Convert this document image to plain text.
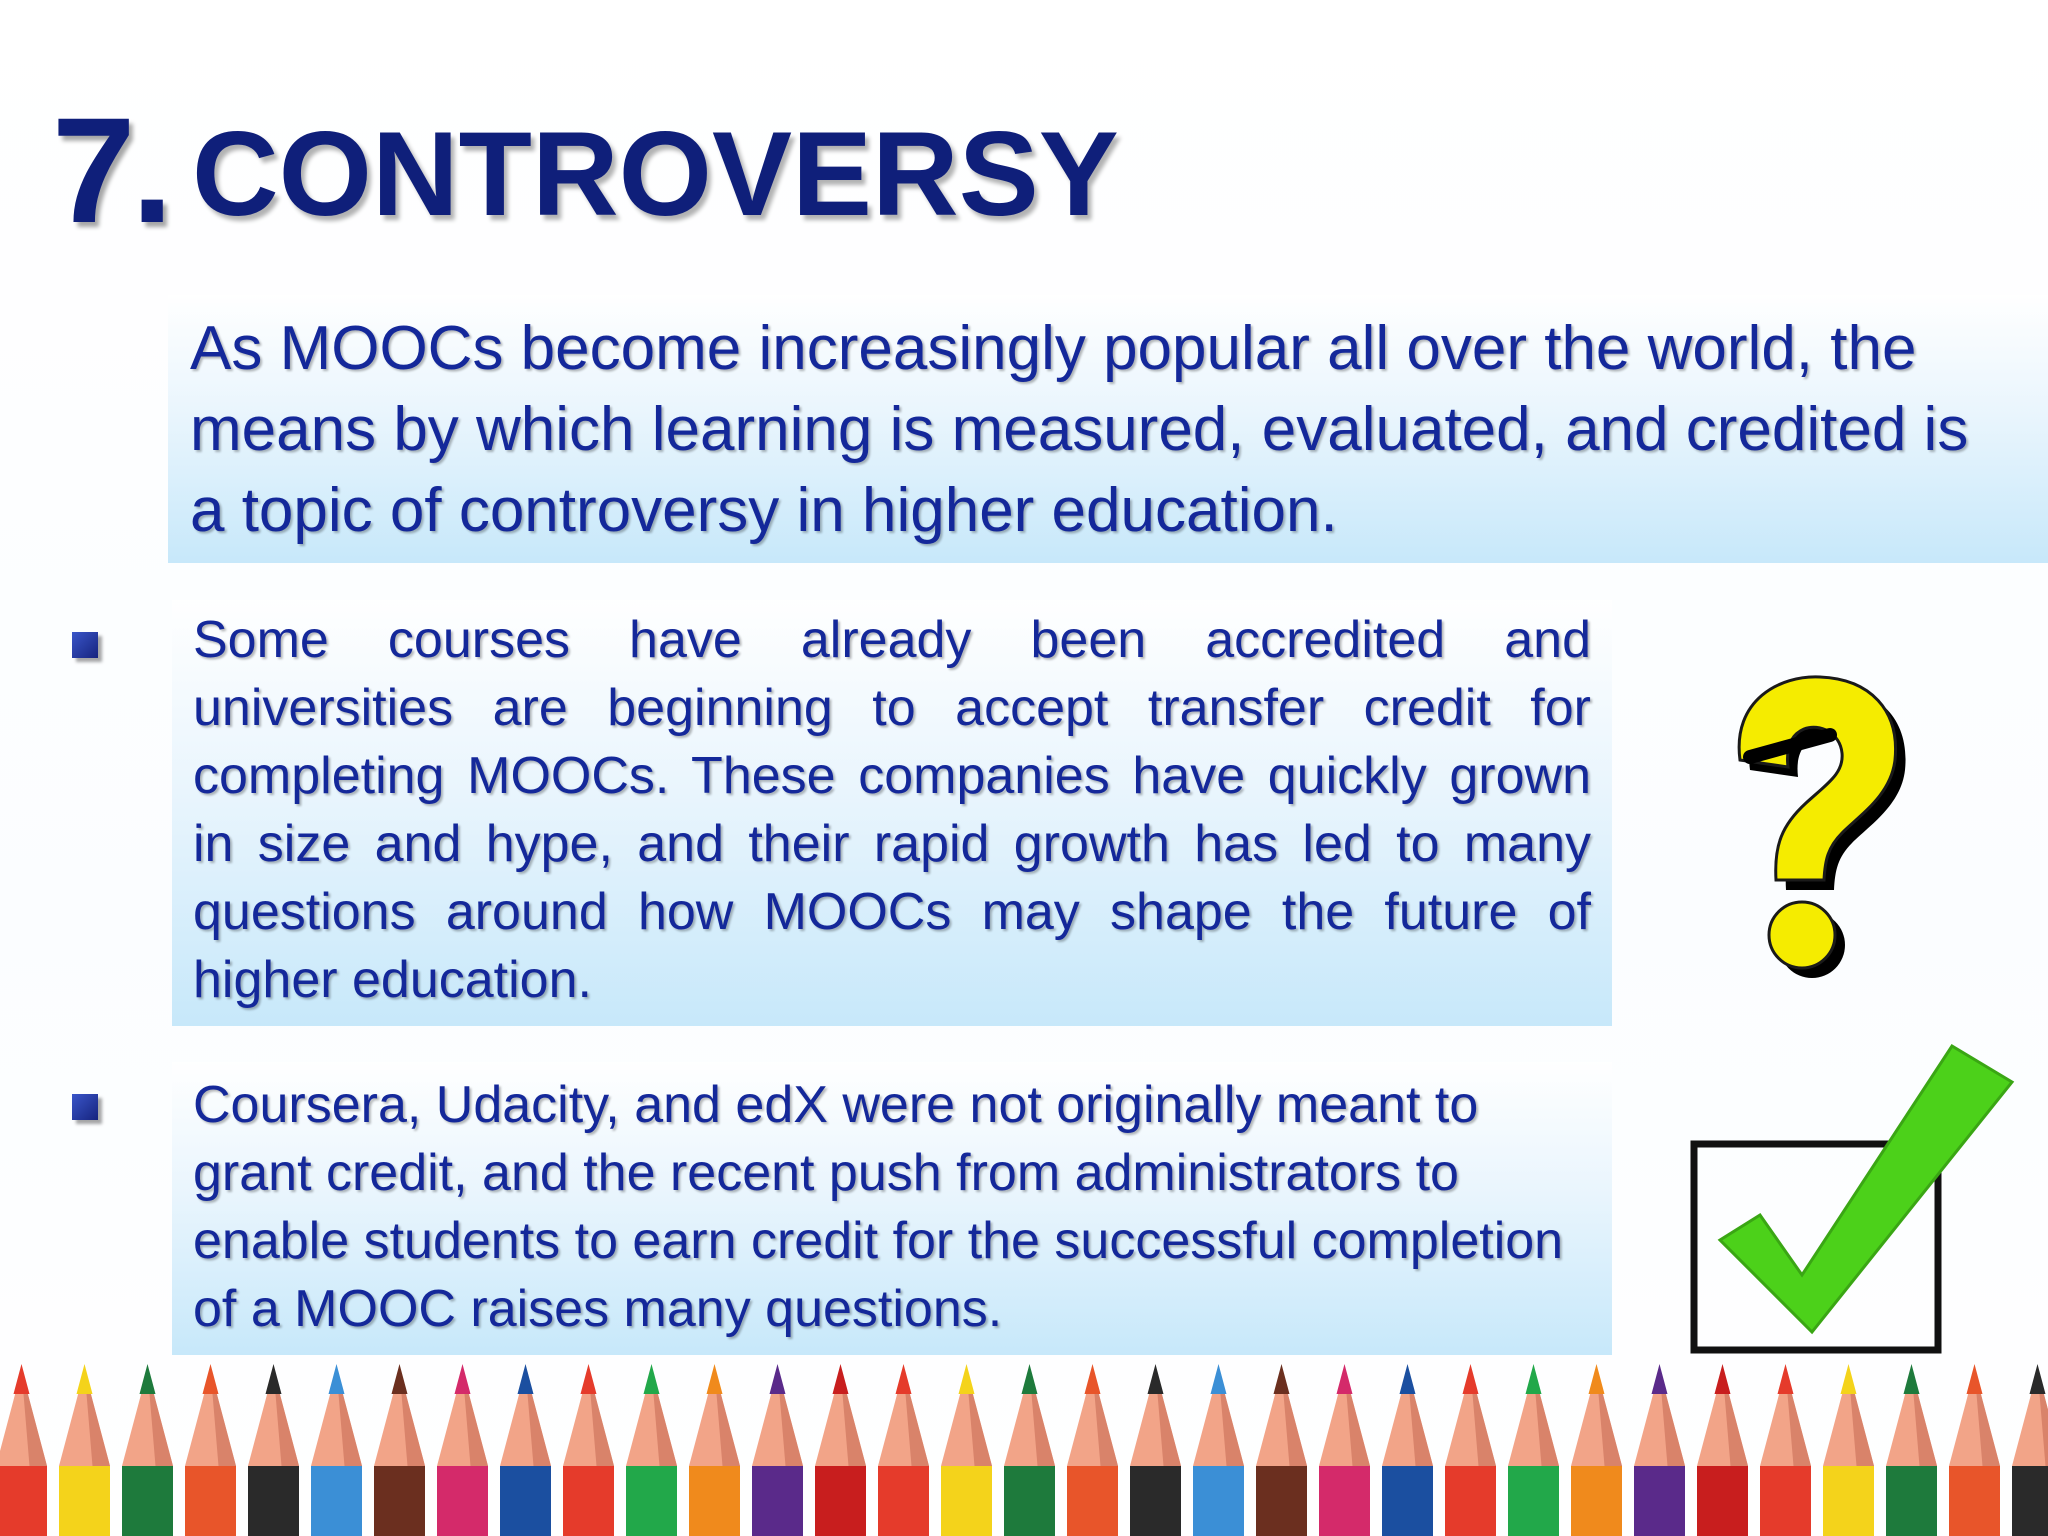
7. CONTROVERSY
As MOOCs become increasingly popular all over the world, the means by which learning is measured, evaluated, and credited is a topic of controversy in higher education.
Some courses have already been accredited and universities are beginning to accept transfer credit for completing MOOCs. These companies have quickly grown in size and hype, and their rapid growth has led to many questions around how MOOCs may shape the future of higher education.
Coursera, Udacity, and edX were not originally meant to grant credit, and the recent push from administrators to enable students to earn credit for the successful completion of a MOOC raises many questions.
